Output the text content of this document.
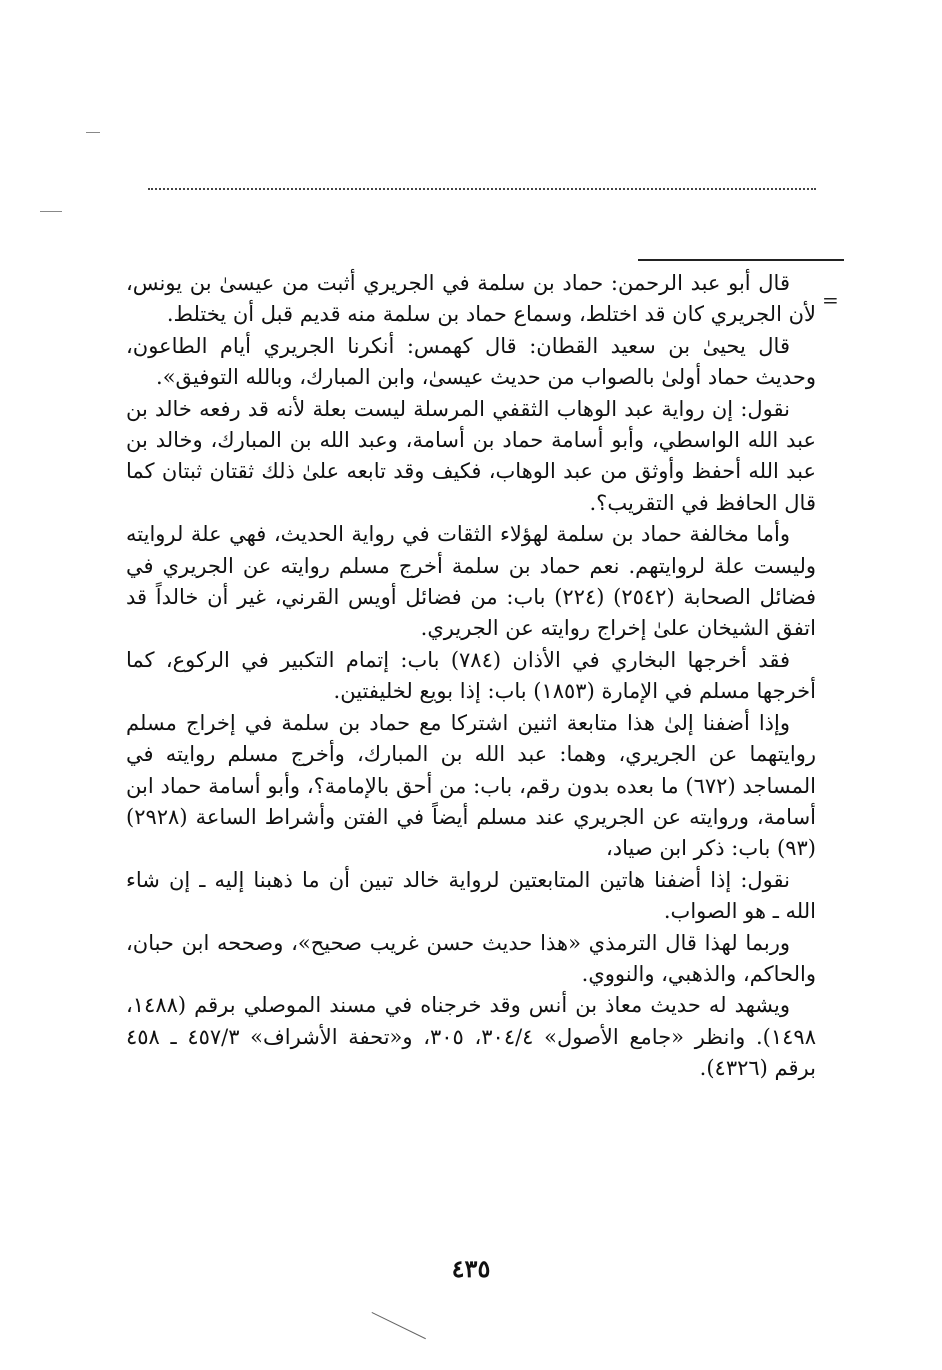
=

قال أبو عبد الرحمن: حماد بن سلمة في الجريري أثبت من عيسىٰ بن يونس، لأن الجريري كان قد اختلط، وسماع حماد بن سلمة منه قديم قبل أن يختلط.

قال يحيىٰ بن سعيد القطان: قال كهمس: أنكرنا الجريري أيام الطاعون، وحديث حماد أولىٰ بالصواب من حديث عيسىٰ، وابن المبارك، وبالله التوفيق».

نقول: إن رواية عبد الوهاب الثقفي المرسلة ليست بعلة لأنه قد رفعه خالد بن عبد الله الواسطي، وأبو أسامة حماد بن أسامة، وعبد الله بن المبارك، وخالد بن عبد الله أحفظ وأوثق من عبد الوهاب، فكيف وقد تابعه علىٰ ذلك ثقتان ثبتان كما قال الحافظ في التقريب؟.

وأما مخالفة حماد بن سلمة لهؤلاء الثقات في رواية الحديث، فهي علة لروايته وليست علة لروايتهم. نعم حماد بن سلمة أخرج مسلم روايته عن الجريري في فضائل الصحابة (٢٥٤٢) (٢٢٤) باب: من فضائل أويس القرني، غير أن خالداً قد اتفق الشيخان علىٰ إخراج روايته عن الجريري.

فقد أخرجها البخاري في الأذان (٧٨٤) باب: إتمام التكبير في الركوع، كما أخرجها مسلم في الإمارة (١٨٥٣) باب: إذا بويع لخليفتين.

وإذا أضفنا إلىٰ هذا متابعة اثنين اشتركا مع حماد بن سلمة في إخراج مسلم روايتهما عن الجريري، وهما: عبد الله بن المبارك، وأخرج مسلم روايته في المساجد (٦٧٢) ما بعده بدون رقم، باب: من أحق بالإمامة؟، وأبو أسامة حماد ابن أسامة، وروايته عن الجريري عند مسلم أيضاً في الفتن وأشراط الساعة (٢٩٢٨) (٩٣) باب: ذكر ابن صياد،

نقول: إذا أضفنا هاتين المتابعتين لرواية خالد تبين أن ما ذهبنا إليه ـ إن شاء الله ـ هو الصواب.

وربما لهذا قال الترمذي «هذا حديث حسن غريب صحيح»، وصححه ابن حبان، والحاكم، والذهبي، والنووي.

ويشهد له حديث معاذ بن أنس وقد خرجناه في مسند الموصلي برقم (١٤٨٨، ١٤٩٨). وانظر «جامع الأصول» ٣٠٤/٤، ٣٠٥، و«تحفة الأشراف» ٤٥٧/٣ ـ ٤٥٨ برقم (٤٣٢٦).

٤٣٥
